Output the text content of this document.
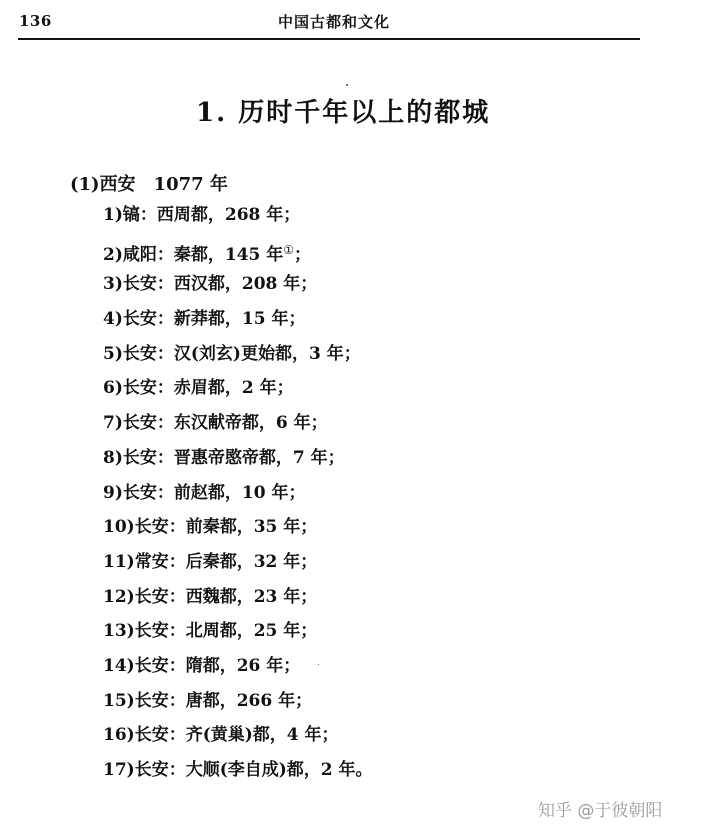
136	中国古都和文化
1. 历时千年以上的都城
(1)西安　1077 年
1)镐：西周都，268 年；
2)咸阳：秦都，145 年①；
3)长安：西汉都，208 年；
4)长安：新莽都，15 年；
5)长安：汉(刘玄)更始都，3 年；
6)长安：赤眉都，2 年；
7)长安：东汉献帝都，6 年；
8)长安：晋惠帝愍帝都，7 年；
9)长安：前赵都，10 年；
10)长安：前秦都，35 年；
11)常安：后秦都，32 年；
12)长安：西魏都，23 年；
13)长安：北周都，25 年；
14)长安：隋都，26 年；
15)长安：唐都，266 年；
16)长安：齐(黄巢)都，4 年；
17)长安：大顺(李自成)都，2 年。
知乎 @于彼朝阳
